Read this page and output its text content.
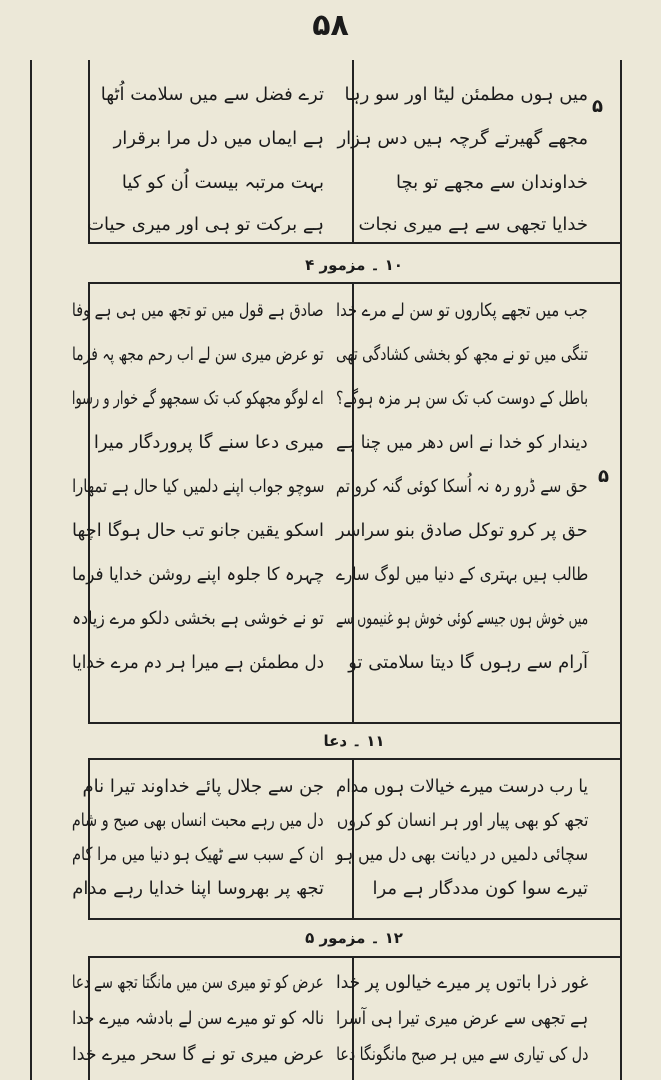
۵۸
۵
میں ہوں مطمئن لیٹا اور سو رہا
مجھے گھیرتے گرچہ ہیں دس ہزار
خداوندان سے مجھے تو بچا
خدایا تجھی سے ہے میری نجات
ترے فضل سے میں سلامت اُٹھا
ہے ایماں میں دل مرا برقرار
بہت مرتبہ بیست اُن کو کیا
ہے برکت تو ہی اور میری حیات
۱۰ ۔ مزمور ۴
۵
جب میں تجھے پکاروں تو سن لے مرے خدا
تنگی میں تو نے مجھ کو بخشی کشادگی تھی
باطل کے دوست کب تک سن ہر مزہ ہوگے؟
دیندار کو خدا نے اس دھر میں چنا ہے
حق سے ڈرو رہ نہ اُسکا کوئی گنہ کرو تم
حق پر کرو توکل صادق بنو سراسر
طالب ہیں بہتری کے دنیا میں لوگ سارے
میں خوش ہوں جیسے کوئی خوش ہو غنیموں سے
آرام سے رہوں گا دیتا سلامتی تو
صادق ہے قول میں تو تجھ میں ہی ہے وفا
تو عرض میری سن لے اب رحم مجھ پہ فرما
اے لوگو مجھکو کب تک سمجھو گے خوار و رسوا
میری دعا سنے گا پروردگار میرا
سوچو جواب اپنے دلمیں کیا حال ہے تمھارا
اسکو یقین جانو تب حال ہوگا اچھا
چہرہ کا جلوہ اپنے روشن خدایا فرما
تو نے خوشی ہے بخشی دلکو مرے زیادہ
دل مطمئن ہے میرا ہر دم مرے خدایا
۱۱ ۔ دعا
یا رب درست میرے خیالات ہوں مدام
تجھ کو بھی پیار اور ہر انسان کو کروں
سچائی دلمیں در دیانت بھی دل میں ہو
تیرے سوا کون مددگار ہے مرا
جن سے جلال پائے خداوند تیرا نام
دل میں رہے محبت انساں بھی صبح و شام
ان کے سبب سے ٹھیک ہو دنیا میں مرا کام
تجھ پر بھروسا اپنا خدایا رہے مدام
۱۲ ۔ مزمور ۵
غور ذرا باتوں پر میرے خیالوں پر خدا
ہے تجھی سے عرض میری تیرا ہی آسرا
دل کی تیاری سے میں ہر صبح مانگونگا دعا
عرض کو تو میری سن میں مانگتا تجھ سے دعا
نالہ کو تو میرے سن لے بادشہ میرے خدا
عرض میری تو نے گا سحر میرے خدا
